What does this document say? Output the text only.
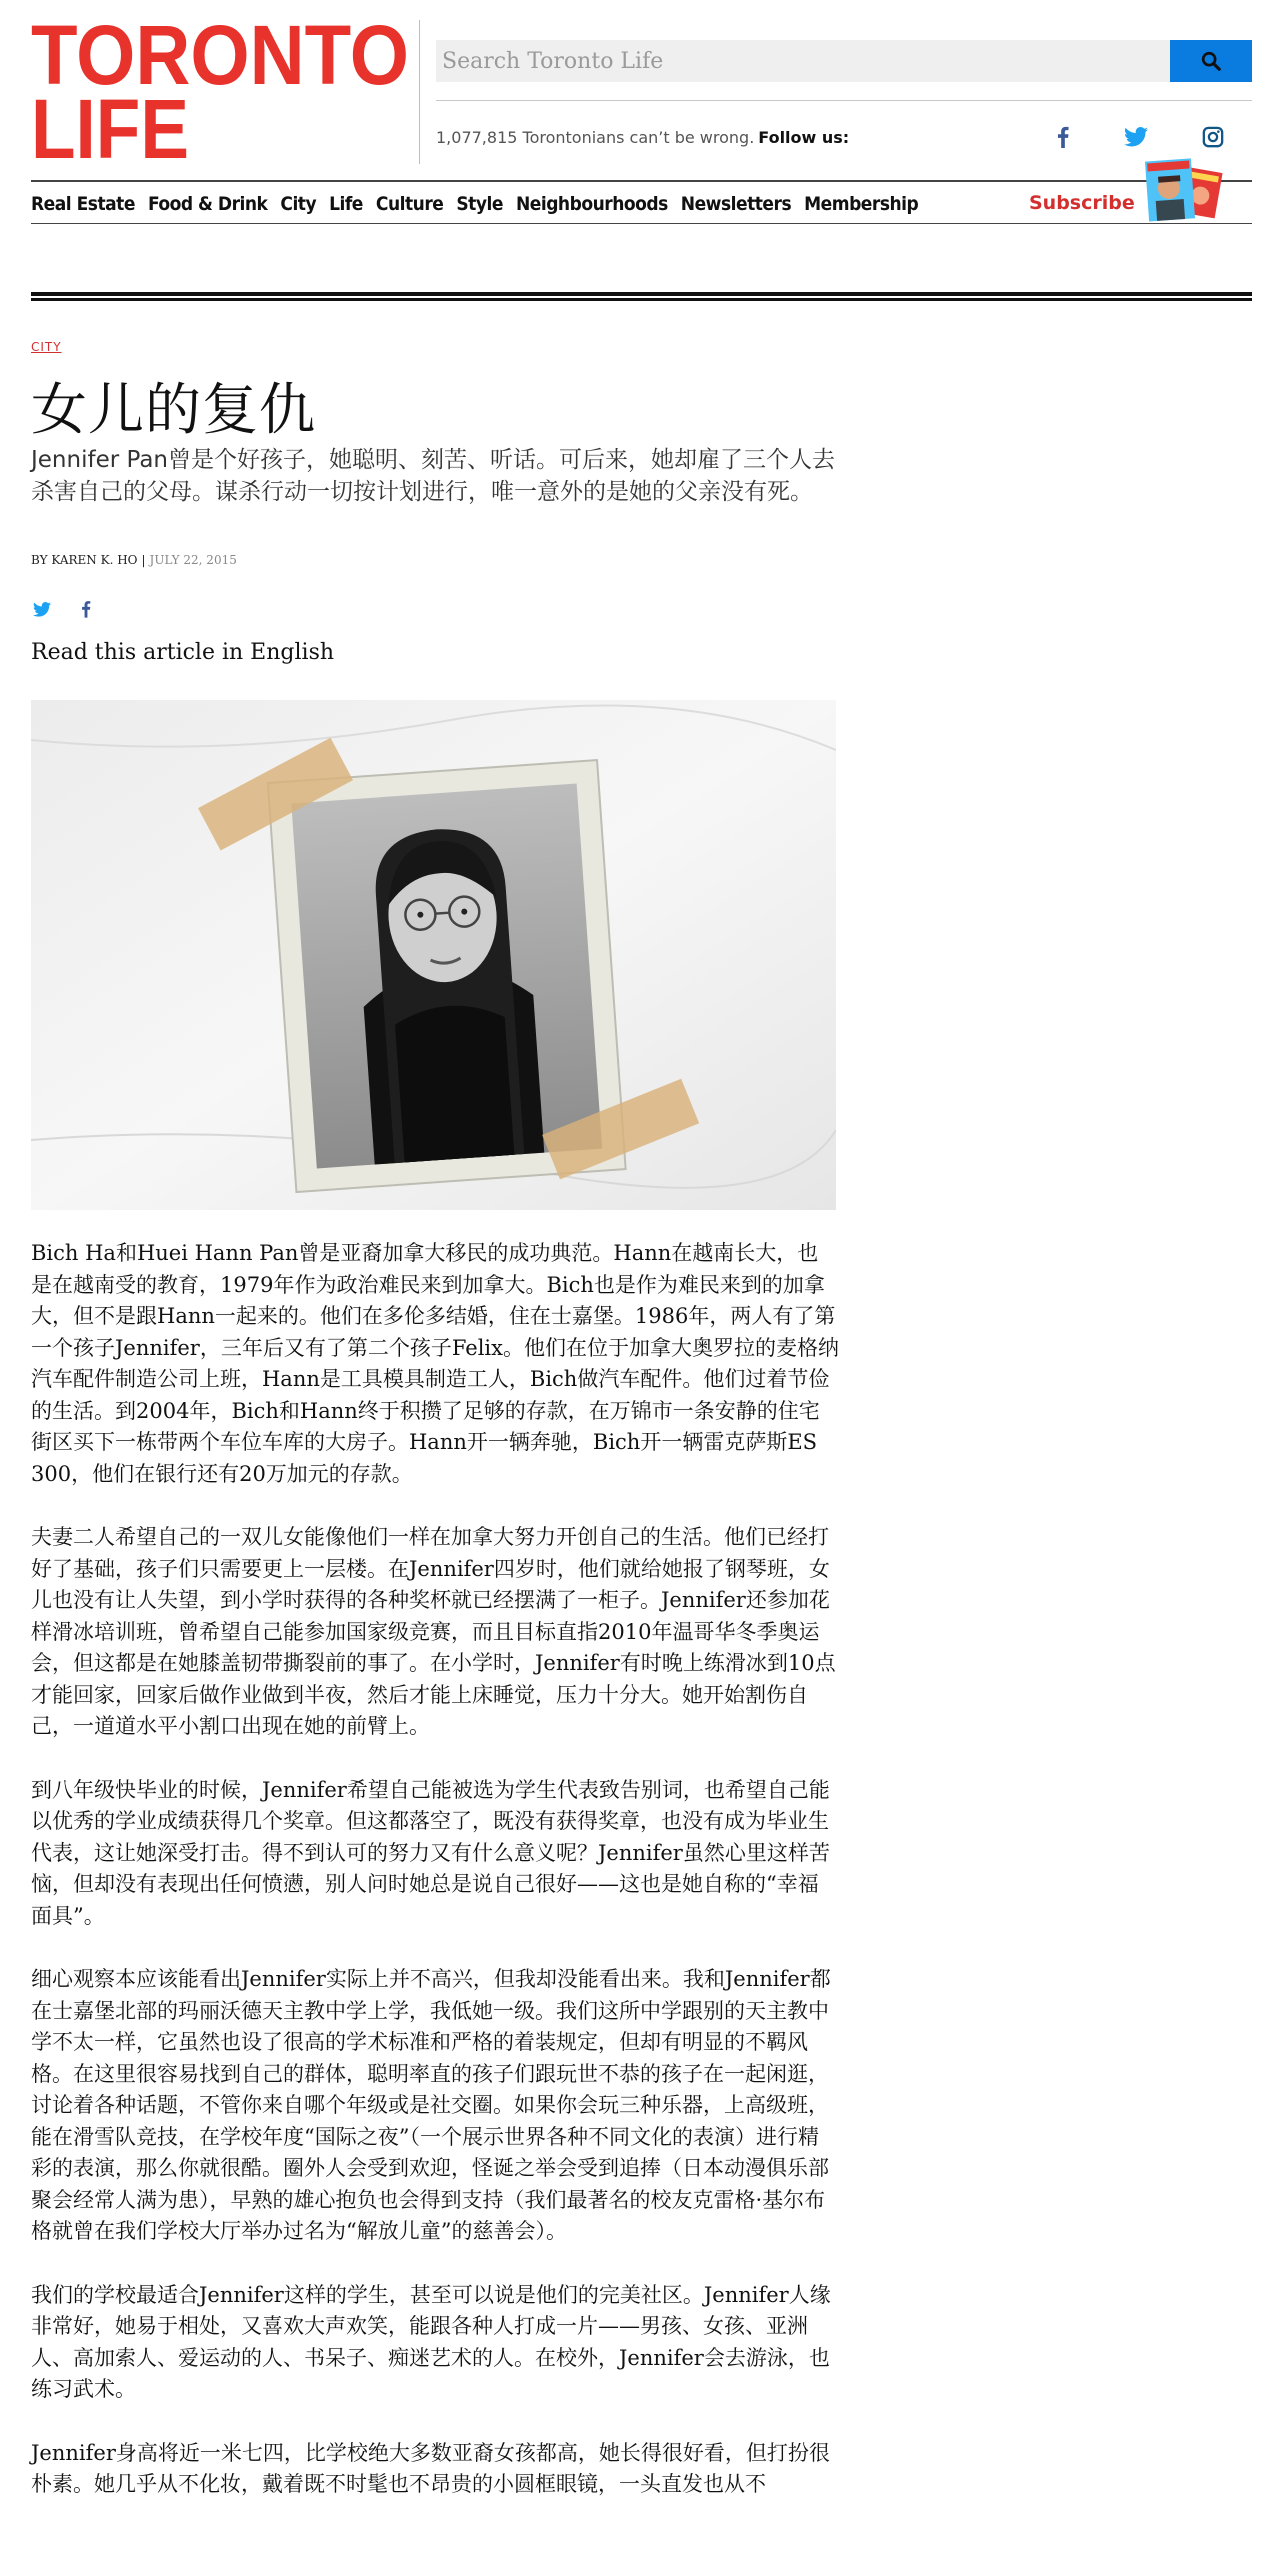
TORONTO
LIFE
Search Toronto Life	1,077,815 Torontonians can’t be wrong. Follow us:
Real Estate Food & Drink City Life Culture Style Neighbourhoods Newsletters Membership	Subscribe
CITY
女儿的复仇

Jennifer Pan曾是个好孩子，她聪明、刻苦、听话。可后来，她却雇了三个人去杀害自己的父母。谋杀行动一切按计划进行，唯一意外的是她的父亲没有死。

BY KAREN K. HO | JULY 22, 2015
Read this article in English

Bich Ha和Huei Hann Pan曾是亚裔加拿大移民的成功典范。Hann在越南长大，也是在越南受的教育，1979年作为政治难民来到加拿大。Bich也是作为难民来到的加拿大，但不是跟Hann一起来的。他们在多伦多结婚，住在士嘉堡。1986年，两人有了第一个孩子Jennifer，三年后又有了第二个孩子Felix。他们在位于加拿大奥罗拉的麦格纳汽车配件制造公司上班，Hann是工具模具制造工人，Bich做汽车配件。他们过着节俭的生活。到2004年，Bich和Hann终于积攒了足够的存款，在万锦市一条安静的住宅街区买下一栋带两个车位车库的大房子。Hann开一辆奔驰，Bich开一辆雷克萨斯ES 300，他们在银行还有20万加元的存款。

夫妻二人希望自己的一双儿女能像他们一样在加拿大努力开创自己的生活。他们已经打好了基础，孩子们只需要更上一层楼。在Jennifer四岁时，他们就给她报了钢琴班，女儿也没有让人失望，到小学时获得的各种奖杯就已经摆满了一柜子。Jennifer还参加花样滑冰培训班，曾希望自己能参加国家级竞赛，而且目标直指2010年温哥华冬季奥运会，但这都是在她膝盖韧带撕裂前的事了。在小学时，Jennifer有时晚上练滑冰到10点才能回家，回家后做作业做到半夜，然后才能上床睡觉，压力十分大。她开始割伤自己，一道道水平小割口出现在她的前臂上。

到八年级快毕业的时候，Jennifer希望自己能被选为学生代表致告别词，也希望自己能以优秀的学业成绩获得几个奖章。但这都落空了，既没有获得奖章，也没有成为毕业生代表，这让她深受打击。得不到认可的努力又有什么意义呢？Jennifer虽然心里这样苦恼，但却没有表现出任何愤懑，别人问时她总是说自己很好——这也是她自称的“幸福面具”。

细心观察本应该能看出Jennifer实际上并不高兴，但我却没能看出来。我和Jennifer都在士嘉堡北部的玛丽沃德天主教中学上学，我低她一级。我们这所中学跟别的天主教中学不太一样，它虽然也设了很高的学术标准和严格的着装规定，但却有明显的不羁风格。在这里很容易找到自己的群体，聪明率直的孩子们跟玩世不恭的孩子在一起闲逛，讨论着各种话题，不管你来自哪个年级或是社交圈。如果你会玩三种乐器，上高级班，能在滑雪队竞技，在学校年度“国际之夜”（一个展示世界各种不同文化的表演）进行精彩的表演，那么你就很酷。圈外人会受到欢迎，怪诞之举会受到追捧（日本动漫俱乐部聚会经常人满为患），早熟的雄心抱负也会得到支持（我们最著名的校友克雷格·基尔布格就曾在我们学校大厅举办过名为“解放儿童”的慈善会）。

我们的学校最适合Jennifer这样的学生，甚至可以说是他们的完美社区。Jennifer人缘非常好，她易于相处，又喜欢大声欢笑，能跟各种人打成一片——男孩、女孩、亚洲人、高加索人、爱运动的人、书呆子、痴迷艺术的人。在校外，Jennifer会去游泳，也练习武术。

Jennifer身高将近一米七四，比学校绝大多数亚裔女孩都高，她长得很好看，但打扮很朴素。她几乎从不化妆，戴着既不时髦也不昂贵的小圆框眼镜，一头直发也从不
